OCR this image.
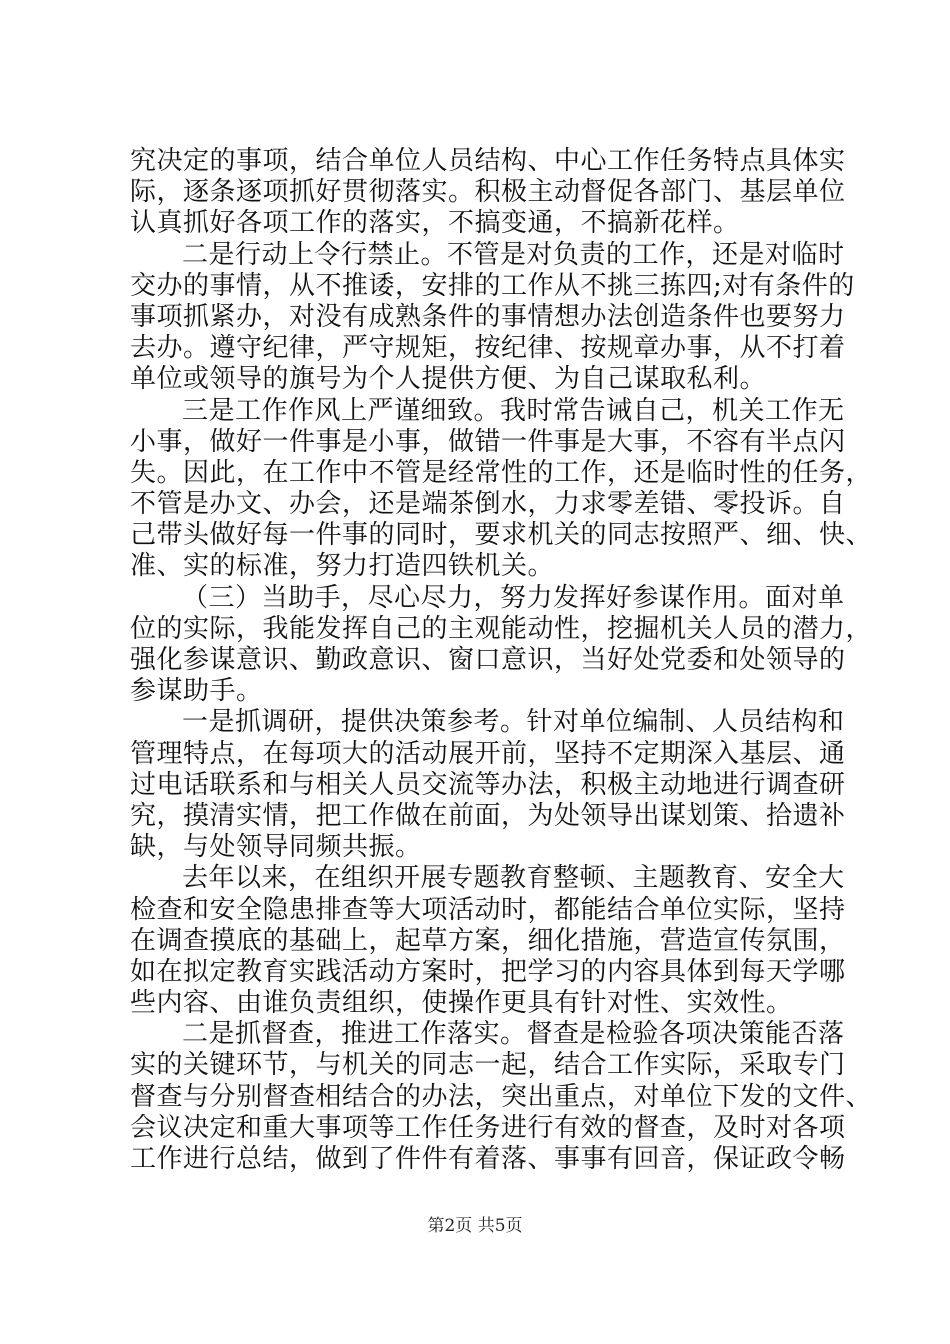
究决定的事项，结合单位人员结构、中心工作任务特点具体实
际，逐条逐项抓好贯彻落实。积极主动督促各部门、基层单位
认真抓好各项工作的落实，不搞变通，不搞新花样。
二是行动上令行禁止。不管是对负责的工作，还是对临时
交办的事情，从不推诿，安排的工作从不挑三拣四;对有条件的
事项抓紧办，对没有成熟条件的事情想办法创造条件也要努力
去办。遵守纪律，严守规矩，按纪律、按规章办事，从不打着
单位或领导的旗号为个人提供方便、为自己谋取私利。
三是工作作风上严谨细致。我时常告诫自己，机关工作无
小事，做好一件事是小事，做错一件事是大事，不容有半点闪
失。因此，在工作中不管是经常性的工作，还是临时性的任务，
不管是办文、办会，还是端茶倒水，力求零差错、零投诉。自
己带头做好每一件事的同时，要求机关的同志按照严、细、快、
准、实的标准，努力打造四铁机关。
（三）当助手，尽心尽力，努力发挥好参谋作用。面对单
位的实际，我能发挥自己的主观能动性，挖掘机关人员的潜力，
强化参谋意识、勤政意识、窗口意识，当好处党委和处领导的
参谋助手。
一是抓调研，提供决策参考。针对单位编制、人员结构和
管理特点，在每项大的活动展开前，坚持不定期深入基层、通
过电话联系和与相关人员交流等办法，积极主动地进行调查研
究，摸清实情，把工作做在前面，为处领导出谋划策、拾遗补
缺，与处领导同频共振。
去年以来，在组织开展专题教育整顿、主题教育、安全大
检查和安全隐患排查等大项活动时，都能结合单位实际，坚持
在调查摸底的基础上，起草方案，细化措施，营造宣传氛围，
如在拟定教育实践活动方案时，把学习的内容具体到每天学哪
些内容、由谁负责组织，使操作更具有针对性、实效性。
二是抓督查，推进工作落实。督查是检验各项决策能否落
实的关键环节，与机关的同志一起，结合工作实际，采取专门
督查与分别督查相结合的办法，突出重点，对单位下发的文件、
会议决定和重大事项等工作任务进行有效的督查，及时对各项
工作进行总结，做到了件件有着落、事事有回音，保证政令畅
第2页 共5页
